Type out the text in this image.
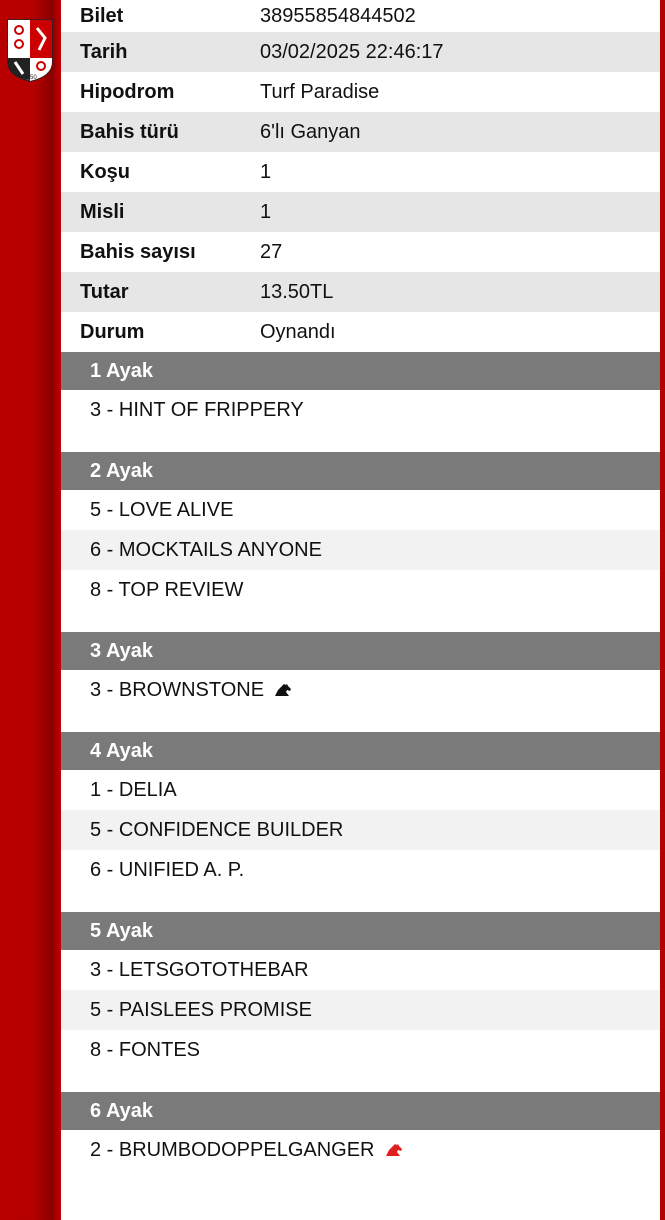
1950
Bilet	38955854844502
Tarih	03/02/2025 22:46:17
Hipodrom	Turf Paradise
Bahis türü	6'lı Ganyan
Koşu	1
Misli	1
Bahis sayısı	27
Tutar	13.50TL
Durum	Oynandı
1 Ayak
3 - HINT OF FRIPPERY
2 Ayak
5 - LOVE ALIVE
6 - MOCKTAILS ANYONE
8 - TOP REVIEW
3 Ayak
3 - BROWNSTONE
4 Ayak
1 - DELIA
5 - CONFIDENCE BUILDER
6 - UNIFIED A. P.
5 Ayak
3 - LETSGOTOTHEBAR
5 - PAISLEES PROMISE
8 - FONTES
6 Ayak
2 - BRUMBODOPPELGANGER
